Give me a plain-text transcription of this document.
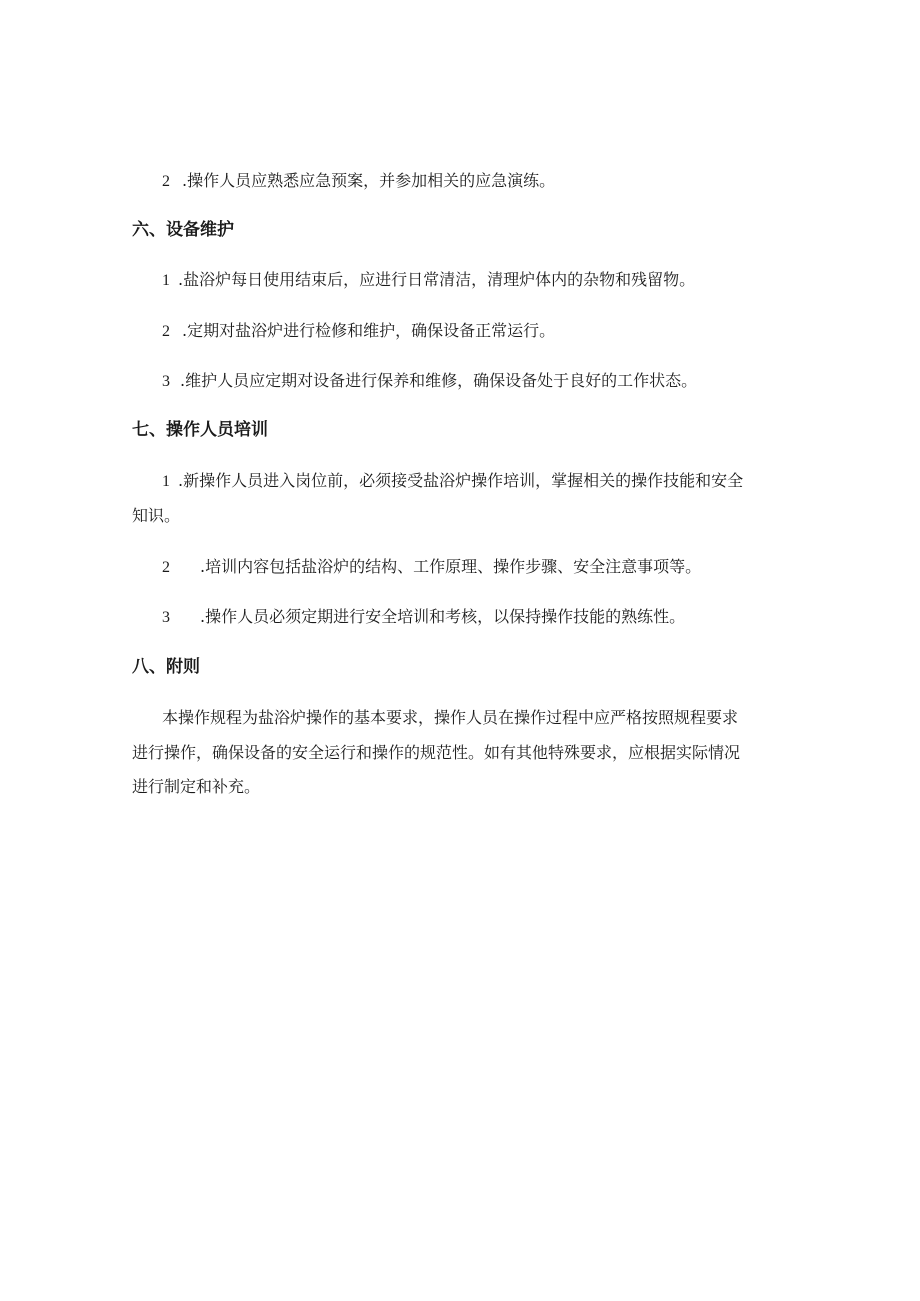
2 .操作人员应熟悉应急预案，并参加相关的应急演练。
六、设备维护
1 .盐浴炉每日使用结束后，应进行日常清洁，清理炉体内的杂物和残留物。
2 .定期对盐浴炉进行检修和维护，确保设备正常运行。
3 .维护人员应定期对设备进行保养和维修，确保设备处于良好的工作状态。
七、操作人员培训
1 .新操作人员进入岗位前，必须接受盐浴炉操作培训，掌握相关的操作技能和安全
知识。
2 .培训内容包括盐浴炉的结构、工作原理、操作步骤、安全注意事项等。
3 .操作人员必须定期进行安全培训和考核，以保持操作技能的熟练性。
八、附则
本操作规程为盐浴炉操作的基本要求，操作人员在操作过程中应严格按照规程要求
进行操作，确保设备的安全运行和操作的规范性。如有其他特殊要求，应根据实际情况
进行制定和补充。
